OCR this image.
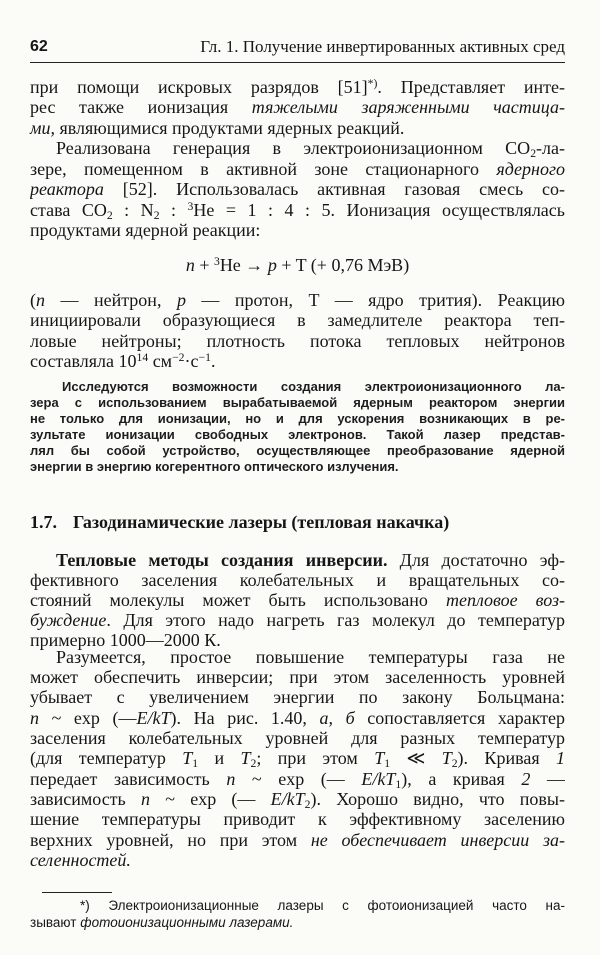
62	Гл. 1. Получение инвертированных активных сред
1.7. Газодинамические лазеры (тепловая накачка)
при помощи искровых разрядов [51]*). Представляет инте-
рес также ионизация тяжелыми заряженными частица-
ми, являющимися продуктами ядерных реакций.
Реализована генерация в электроионизационном CO2-ла-
зере, помещенном в активной зоне стационарного ядерного
реактора [52]. Использовалась активная газовая смесь со-
става CO2 : N2 : $^3$He = 1 : 4 : 5. Ионизация осуществлялась
продуктами ядерной реакции:
n + $^3$He → p + T (+ 0,76 МэВ)
(n — нейтрон, p — протон, T — ядро трития). Реакцию
инициировали образующиеся в замедлителе реактора теп-
ловые нейтроны; плотность потока тепловых нейтронов
составляла $10^{14}$ $см^{-2}\cdot с^{-1}$.
Исследуются возможности создания электроионизационного ла-
зера с использованием вырабатываемой ядерным реактором энергии
не только для ионизации, но и для ускорения возникающих в ре-
зультате ионизации свободных электронов. Такой лазер представ-
лял бы собой устройство, осуществляющее преобразование ядерной
энергии в энергию когерентного оптического излучения.
Тепловые методы создания инверсии. Для достаточно эф-
фективного заселения колебательных и вращательных со-
стояний молекулы может быть использовано тепловое воз-
буждение. Для этого надо нагреть газ молекул до температур
примерно 1000—2000 К.
Разумеется, простое повышение температуры газа не
может обеспечить инверсии; при этом заселенность уровней
убывает с увеличением энергии по закону Больцмана:
n ~ exp (—E/kT). На рис. 1.40, а, б сопоставляется характер
заселения колебательных уровней для разных температур
(для температур T1 и T2; при этом T1 ≪ T2). Кривая 1
передает зависимость n ~ exp (— E/kT1), а кривая 2 —
зависимость n ~ exp (— E/kT2). Хорошо видно, что повы-
шение температуры приводит к эффективному заселению
верхних уровней, но при этом не обеспечивает инверсии за-
селенностей.
*) Электроионизационные лазеры с фотоионизацией часто на-
зывают фотоионизационными лазерами.
